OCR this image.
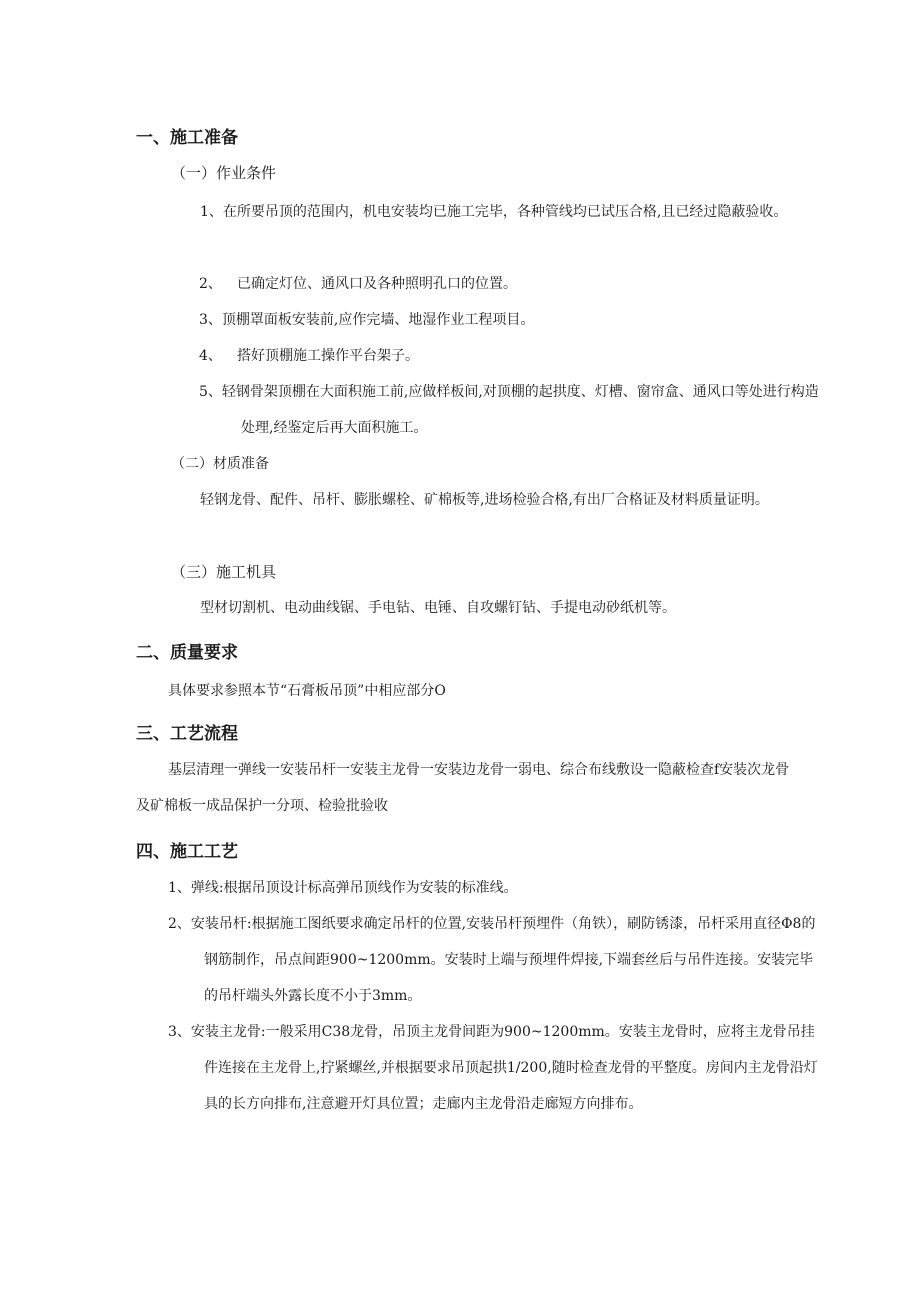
一、施工准备
（一）作业条件
1、在所要吊顶的范围内，机电安装均已施工完毕，各种管线均已试压合格,且已经过隐蔽验收。
2、 已确定灯位、通风口及各种照明孔口的位置。
3、顶棚罩面板安装前,应作完墙、地湿作业工程项目。
4、 搭好顶棚施工操作平台架子。
5、轻钢骨架顶棚在大面积施工前,应做样板间,对顶棚的起拱度、灯槽、窗帘盒、通风口等处进行构造处理,经鉴定后再大面积施工。
（二）材质准备
轻钢龙骨、配件、吊杆、膨胀螺栓、矿棉板等,进场检验合格,有出厂合格证及材料质量证明。
（三）施工机具
型材切割机、电动曲线锯、手电钻、电锤、自攻螺钉钻、手提电动砂纸机等。
二、质量要求
具体要求参照本节“石膏板吊顶”中相应部分O
三、工艺流程
基层清理一弹线一安装吊杆一安装主龙骨一安装边龙骨一弱电、综合布线敷设一隐蔽检查f安装次龙骨及矿棉板一成品保护一分项、检验批验收
四、施工工艺
1、弹线:根据吊顶设计标高弹吊顶线作为安装的标准线。
2、安装吊杆:根据施工图纸要求确定吊杆的位置,安装吊杆预埋件（角铁），刷防锈漆，吊杆采用直径Φ8的钢筋制作，吊点间距900~1200mm。安装时上端与预埋件焊接,下端套丝后与吊件连接。安装完毕的吊杆端头外露长度不小于3mm。
3、安装主龙骨:一般采用C38龙骨，吊顶主龙骨间距为900~1200mm。安装主龙骨时，应将主龙骨吊挂件连接在主龙骨上,拧紧螺丝,并根据要求吊顶起拱1/200,随时检查龙骨的平整度。房间内主龙骨沿灯具的长方向排布,注意避开灯具位置；走廊内主龙骨沿走廊短方向排布。
